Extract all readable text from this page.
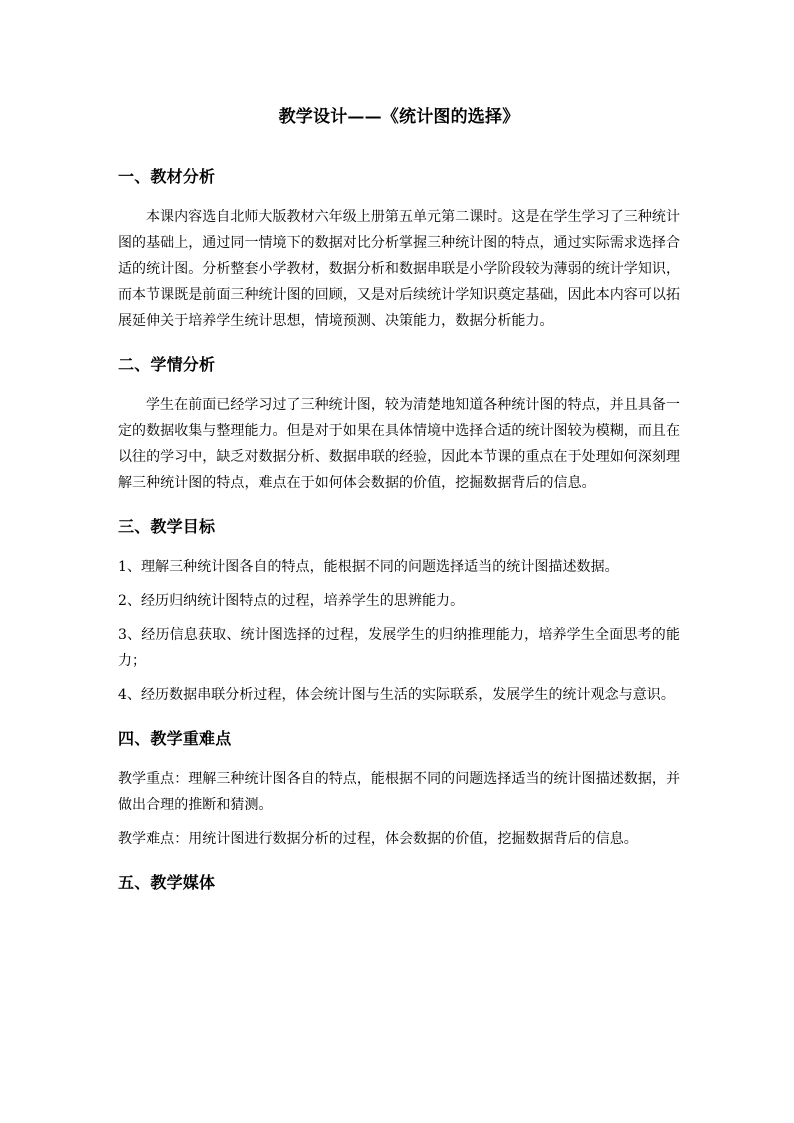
教学设计——《统计图的选择》
一、教材分析

本课内容选自北师大版教材六年级上册第五单元第二课时。这是在学生学习了三种统计图的基础上，通过同一情境下的数据对比分析掌握三种统计图的特点，通过实际需求选择合适的统计图。分析整套小学教材，数据分析和数据串联是小学阶段较为薄弱的统计学知识，而本节课既是前面三种统计图的回顾，又是对后续统计学知识奠定基础，因此本内容可以拓展延伸关于培养学生统计思想，情境预测、决策能力，数据分析能力。

二、学情分析

学生在前面已经学习过了三种统计图，较为清楚地知道各种统计图的特点，并且具备一定的数据收集与整理能力。但是对于如果在具体情境中选择合适的统计图较为模糊，而且在以往的学习中，缺乏对数据分析、数据串联的经验，因此本节课的重点在于处理如何深刻理解三种统计图的特点，难点在于如何体会数据的价值，挖掘数据背后的信息。

三、教学目标

1、理解三种统计图各自的特点，能根据不同的问题选择适当的统计图描述数据。

2、经历归纳统计图特点的过程，培养学生的思辨能力。

3、经历信息获取、统计图选择的过程，发展学生的归纳推理能力，培养学生全面思考的能力；

4、经历数据串联分析过程，体会统计图与生活的实际联系，发展学生的统计观念与意识。

四、教学重难点

教学重点：理解三种统计图各自的特点，能根据不同的问题选择适当的统计图描述数据，并做出合理的推断和猜测。

教学难点：用统计图进行数据分析的过程，体会数据的价值，挖掘数据背后的信息。

五、教学媒体
